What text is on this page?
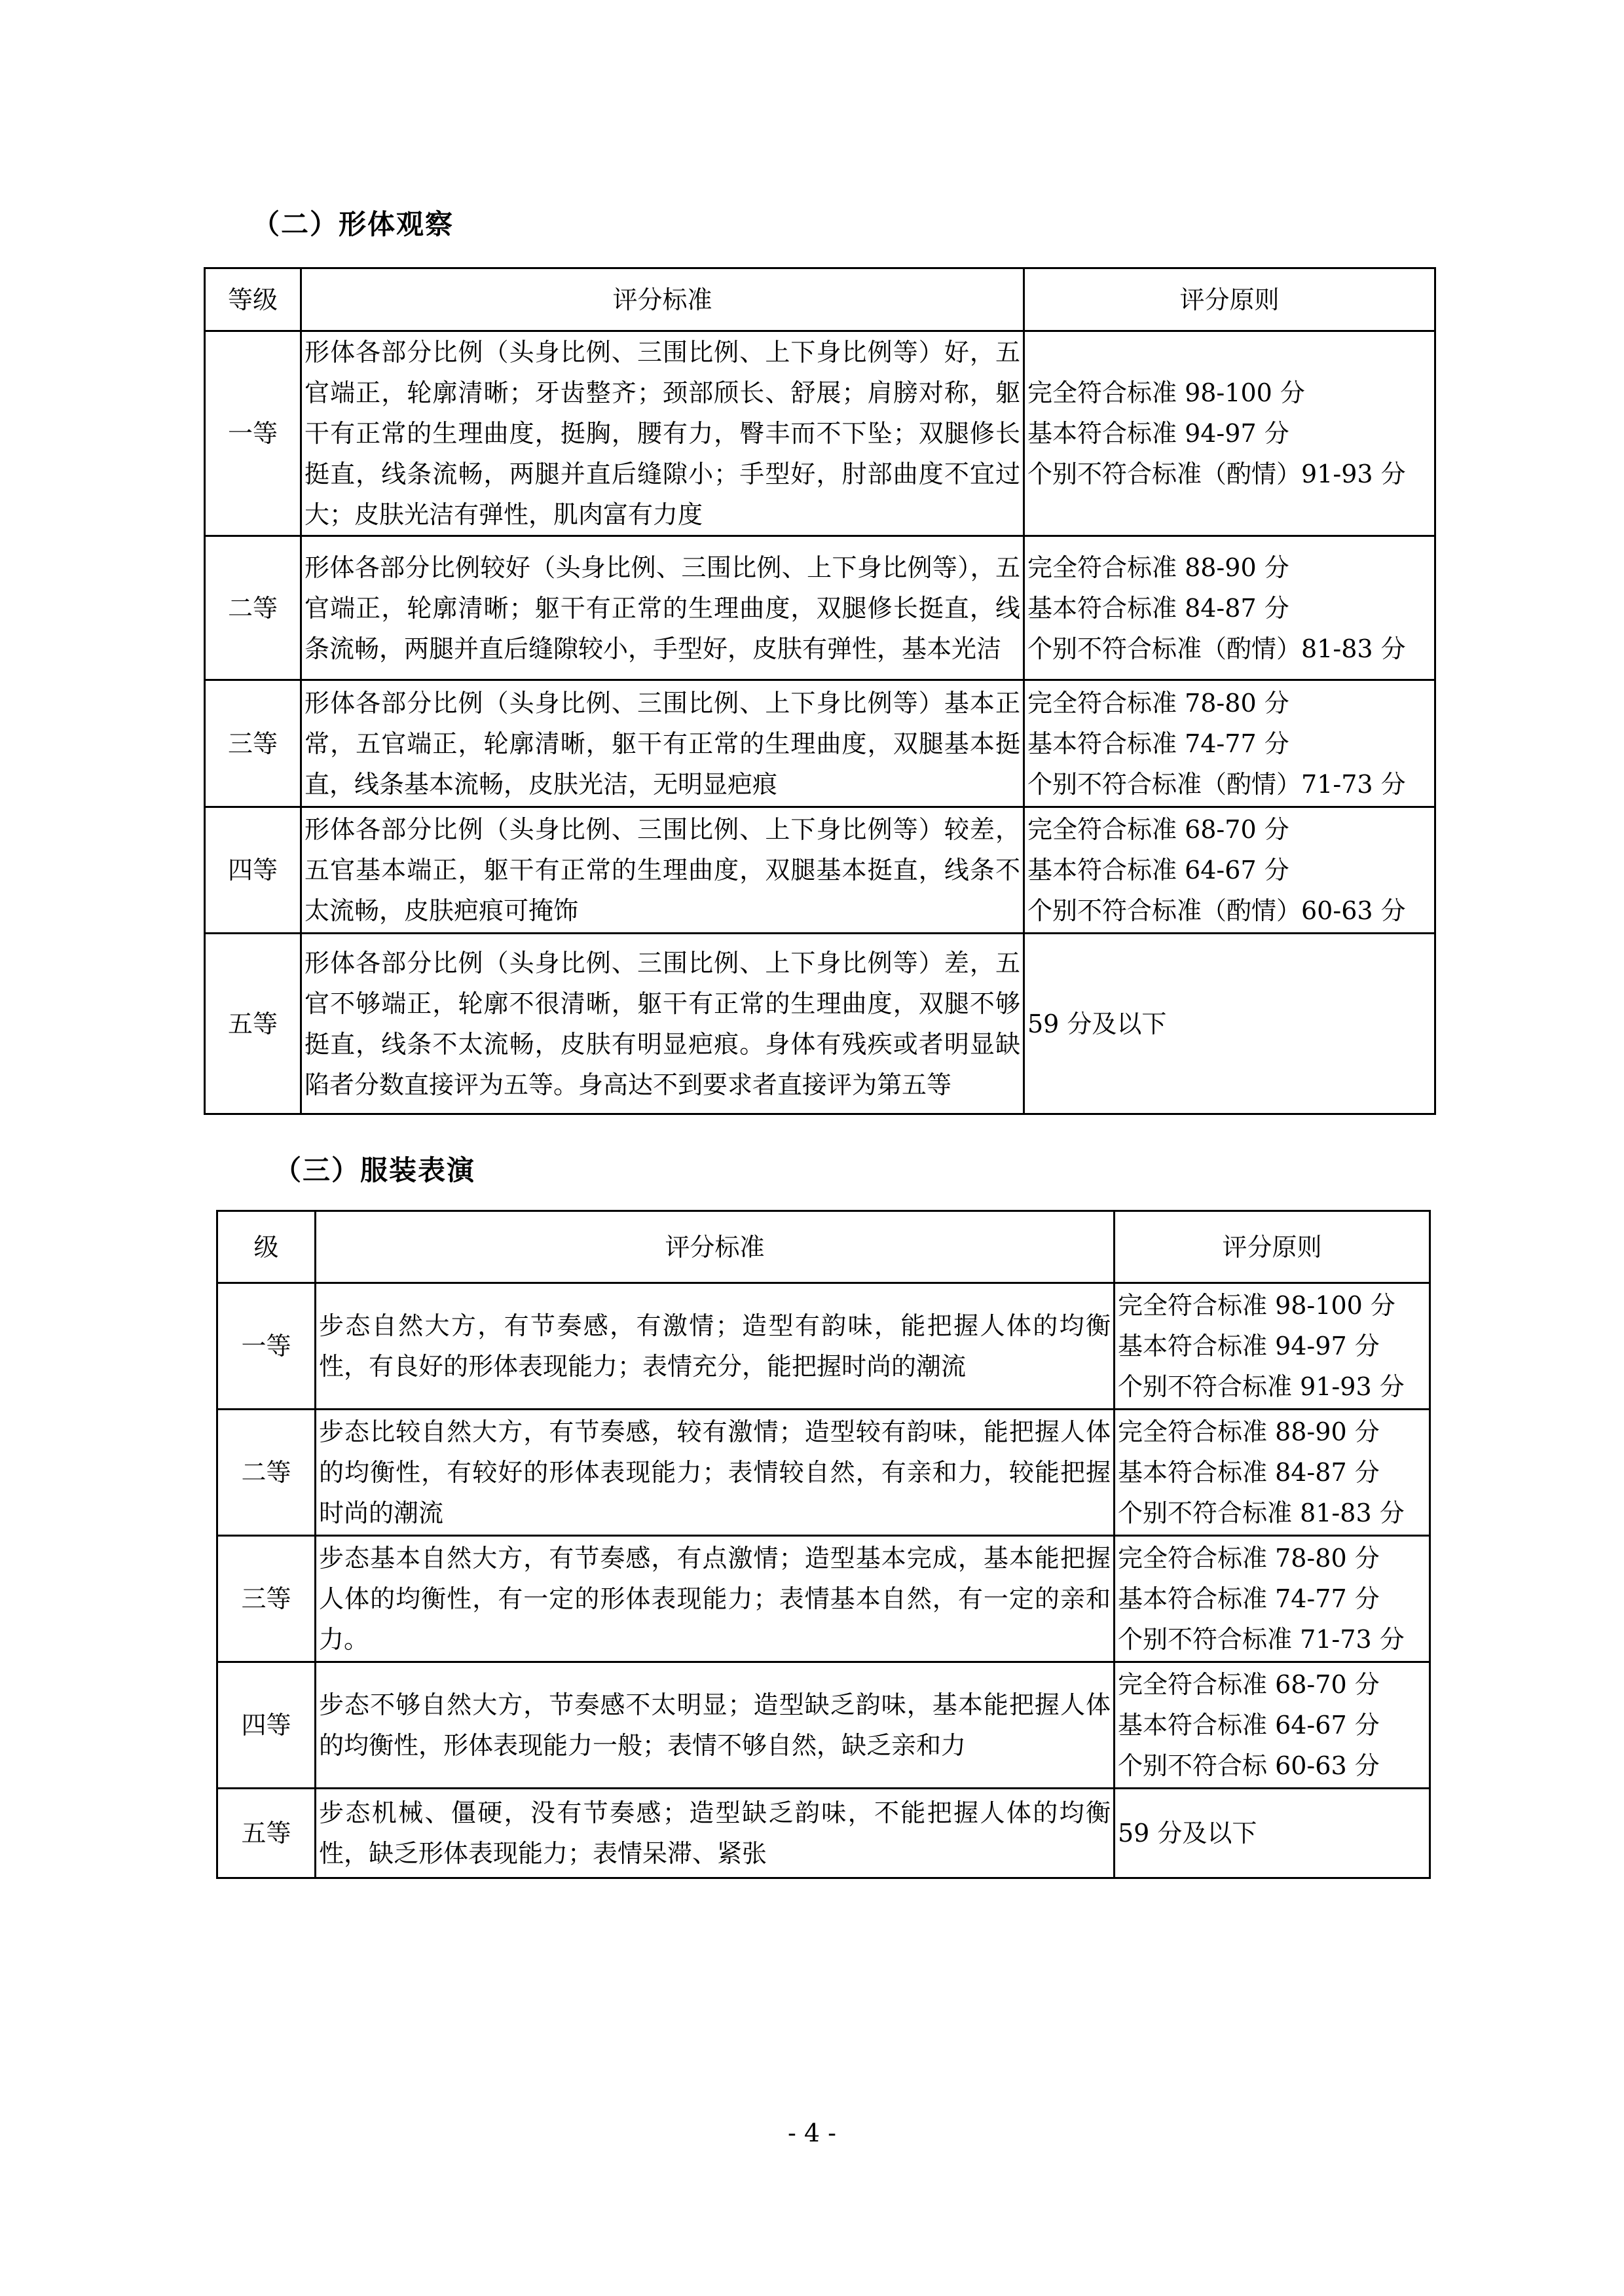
（二）形体观察
等级	评分标准	评分原则
一等	形体各部分比例（头身比例、三围比例、上下身比例等）好，五官端正，轮廓清晰；牙齿整齐；颈部颀长、舒展；肩膀对称，躯干有正常的生理曲度，挺胸，腰有力，臀丰而不下坠；双腿修长挺直，线条流畅，两腿并直后缝隙小；手型好，肘部曲度不宜过大；皮肤光洁有弹性，肌肉富有力度	完全符合标准 98-100 分
基本符合标准 94-97 分
个别不符合标准（酌情）91-93 分

二等	形体各部分比例较好（头身比例、三围比例、上下身比例等），五官端正，轮廓清晰；躯干有正常的生理曲度，双腿修长挺直，线条流畅，两腿并直后缝隙较小，手型好，皮肤有弹性，基本光洁	完全符合标准 88-90 分
基本符合标准 84-87 分
个别不符合标准（酌情）81-83 分

三等	形体各部分比例（头身比例、三围比例、上下身比例等）基本正常，五官端正，轮廓清晰，躯干有正常的生理曲度，双腿基本挺直，线条基本流畅，皮肤光洁，无明显疤痕	完全符合标准 78-80 分
基本符合标准 74-77 分
个别不符合标准（酌情）71-73 分

四等	形体各部分比例（头身比例、三围比例、上下身比例等）较差，五官基本端正，躯干有正常的生理曲度，双腿基本挺直，线条不太流畅，皮肤疤痕可掩饰	完全符合标准 68-70 分
基本符合标准 64-67 分
个别不符合标准（酌情）60-63 分

五等	形体各部分比例（头身比例、三围比例、上下身比例等）差，五官不够端正，轮廓不很清晰，躯干有正常的生理曲度，双腿不够挺直，线条不太流畅，皮肤有明显疤痕。身体有残疾或者明显缺陷者分数直接评为五等。身高达不到要求者直接评为第五等	59 分及以下
（三）服装表演
级	评分标准	评分原则
一等	步态自然大方，有节奏感，有激情；造型有韵味，能把握人体的均衡性，有良好的形体表现能力；表情充分，能把握时尚的潮流	完全符合标准 98-100 分
基本符合标准 94-97 分
个别不符合标准 91-93 分

二等	步态比较自然大方，有节奏感，较有激情；造型较有韵味，能把握人体的均衡性，有较好的形体表现能力；表情较自然，有亲和力，较能把握时尚的潮流	完全符合标准 88-90 分
基本符合标准 84-87 分
个别不符合标准 81-83 分

三等	步态基本自然大方，有节奏感，有点激情；造型基本完成，基本能把握人体的均衡性，有一定的形体表现能力；表情基本自然，有一定的亲和力。	完全符合标准 78-80 分
基本符合标准 74-77 分
个别不符合标准 71-73 分

四等	步态不够自然大方，节奏感不太明显；造型缺乏韵味，基本能把握人体的均衡性，形体表现能力一般；表情不够自然，缺乏亲和力	完全符合标准 68-70 分
基本符合标准 64-67 分
个别不符合标 60-63 分

五等	步态机械、僵硬，没有节奏感；造型缺乏韵味，不能把握人体的均衡性，缺乏形体表现能力；表情呆滞、紧张	59 分及以下
- 4 -
